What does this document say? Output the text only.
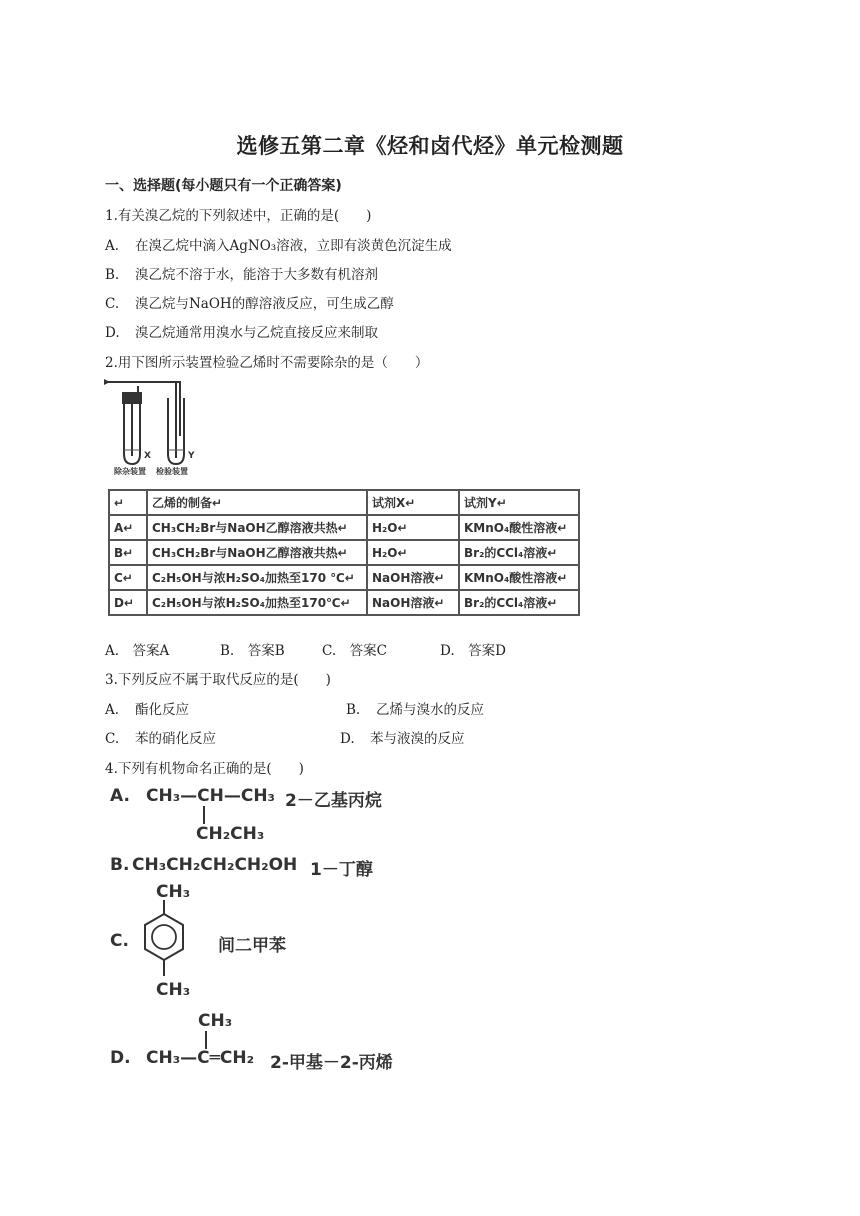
选修五第二章《烃和卤代烃》单元检测题
一、选择题(每小题只有一个正确答案)
1.有关溴乙烷的下列叙述中，正确的是(　　)
A. 在溴乙烷中滴入AgNO₃溶液，立即有淡黄色沉淀生成
B. 溴乙烷不溶于水，能溶于大多数有机溶剂
C. 溴乙烷与NaOH的醇溶液反应，可生成乙醇
D. 溴乙烷通常用溴水与乙烷直接反应来制取
2.用下图所示装置检验乙烯时不需要除杂的是（　　）
X	Y
除杂装置 检验装置
↵	乙烯的制备↵	试剂X↵	试剂Y↵
A↵	CH₃CH₂Br与NaOH乙醇溶液共热↵	H₂O↵	KMnO₄酸性溶液↵
B↵	CH₃CH₂Br与NaOH乙醇溶液共热↵	H₂O↵	Br₂的CCl₄溶液↵
C↵	C₂H₅OH与浓H₂SO₄加热至170 ℃↵	NaOH溶液↵	KMnO₄酸性溶液↵
D↵	C₂H₅OH与浓H₂SO₄加热至170℃↵	NaOH溶液↵	Br₂的CCl₄溶液↵
A.　答案A	B.　答案B	C.　答案C	D.　答案D
3.下列反应不属于取代反应的是(　　)
A. 酯化反应	B. 乙烯与溴水的反应
C. 苯的硝化反应	D. 苯与液溴的反应
4.下列有机物命名正确的是(　　)
A. CH₃—CH—CH₃
CH₂CH₃
2－乙基丙烷
B. CH₃CH₂CH₂CH₂OH 1－丁醇
CH₃
C.
CH₃
间二甲苯
CH₃
D. CH₃—C═CH₂ 2-甲基－2-丙烯
